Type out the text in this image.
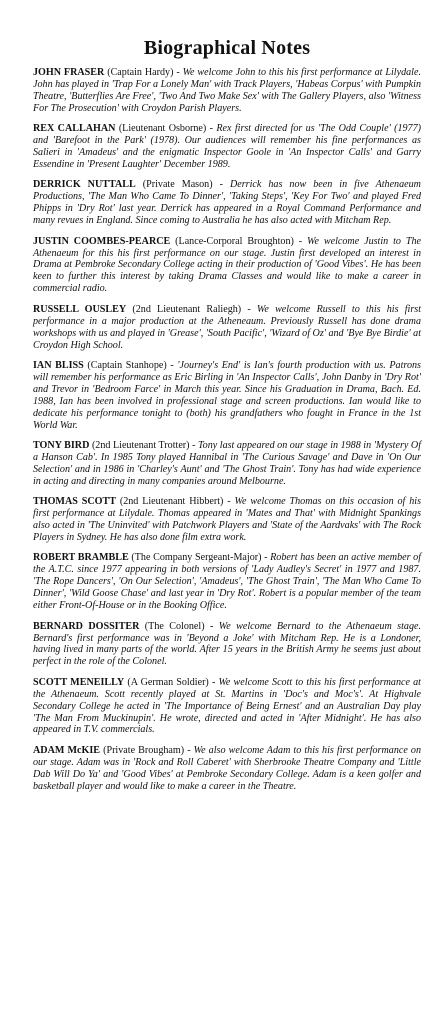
Biographical Notes

JOHN FRASER (Captain Hardy) - We welcome John to this his first performance at Lilydale. John has played in 'Trap For a Lonely Man' with Track Players, 'Habeas Corpus' with Pumpkin Theatre, 'Butterflies Are Free', 'Two And Two Make Sex' with The Gallery Players, also 'Witness For The Prosecution' with Croydon Parish Players.

REX CALLAHAN (Lieutenant Osborne) - Rex first directed for us 'The Odd Couple' (1977) and 'Barefoot in the Park' (1978). Our audiences will remember his fine performances as Salieri in 'Amadeus' and the enigmatic Inspector Goole in 'An Inspector Calls' and Garry Essendine in 'Present Laughter' December 1989.

DERRICK NUTTALL (Private Mason) - Derrick has now been in five Athenaeum Productions, 'The Man Who Came To Dinner', 'Taking Steps', 'Key For Two' and played Fred Phipps in 'Dry Rot' last year. Derrick has appeared in a Royal Command Performance and many revues in England. Since coming to Australia he has also acted with Mitcham Rep.

JUSTIN COOMBES-PEARCE (Lance-Corporal Broughton) - We welcome Justin to The Athenaeum for this his first performance on our stage. Justin first developed an interest in Drama at Pembroke Secondary College acting in their production of 'Good Vibes'. He has been keen to further this interest by taking Drama Classes and would like to make a career in commercial radio.

RUSSELL OUSLEY (2nd Lieutenant Raliegh) - We welcome Russell to this his first performance in a major production at the Atheneaum. Previously Russell has done drama workshops with us and played in 'Grease', 'South Pacific', 'Wizard of Oz' and 'Bye Bye Birdie' at Croydon High School.

IAN BLISS (Captain Stanhope) - 'Journey's End' is Ian's fourth production with us. Patrons will remember his performance as Eric Birling in 'An Inspector Calls', John Danby in 'Dry Rot' and Trevor in 'Bedroom Farce' in March this year. Since his Graduation in Drama, Bach. Ed. 1988, Ian has been involved in professional stage and screen productions. Ian would like to dedicate his performance tonight to (both) his grandfathers who fought in France in the 1st World War.

TONY BIRD (2nd Lieutenant Trotter) - Tony last appeared on our stage in 1988 in 'Mystery Of a Hanson Cab'. In 1985 Tony played Hannibal in 'The Curious Savage' and Dave in 'On Our Selection' and in 1986 in 'Charley's Aunt' and 'The Ghost Train'. Tony has had wide experience in acting and directing in many companies around Melbourne.

THOMAS SCOTT (2nd Lieutenant Hibbert) - We welcome Thomas on this occasion of his first performance at Lilydale. Thomas appeared in 'Mates and That' with Midnight Spankings also acted in 'The Uninvited' with Patchwork Players and 'State of the Aardvaks' with The Rock Players in Sydney. He has also done film extra work.

ROBERT BRAMBLE (The Company Sergeant-Major) - Robert has been an active member of the A.T.C. since 1977 appearing in both versions of 'Lady Audley's Secret' in 1977 and 1987. 'The Rope Dancers', 'On Our Selection', 'Amadeus', 'The Ghost Train', 'The Man Who Came To Dinner', 'Wild Goose Chase' and last year in 'Dry Rot'. Robert is a popular member of the team either Front-Of-House or in the Booking Office.

BERNARD DOSSITER (The Colonel) - We welcome Bernard to the Athenaeum stage. Bernard's first performance was in 'Beyond a Joke' with Mitcham Rep. He is a Londoner, having lived in many parts of the world. After 15 years in the British Army he seems just about perfect in the role of the Colonel.

SCOTT MENEILLY (A German Soldier) - We welcome Scott to this his first performance at the Athenaeum. Scott recently played at St. Martins in 'Doc's and Moc's'. At Highvale Secondary College he acted in 'The Importance of Being Ernest' and an Australian Day play 'The Man From Muckinupin'. He wrote, directed and acted in 'After Midnight'. He has also appeared in T.V. commercials.

ADAM McKIE (Private Brougham) - We also welcome Adam to this his first performance on our stage. Adam was in 'Rock and Roll Caberet' with Sherbrooke Theatre Company and 'Little Dab Will Do Ya' and 'Good Vibes' at Pembroke Secondary College. Adam is a keen golfer and basketball player and would like to make a career in the Theatre.
